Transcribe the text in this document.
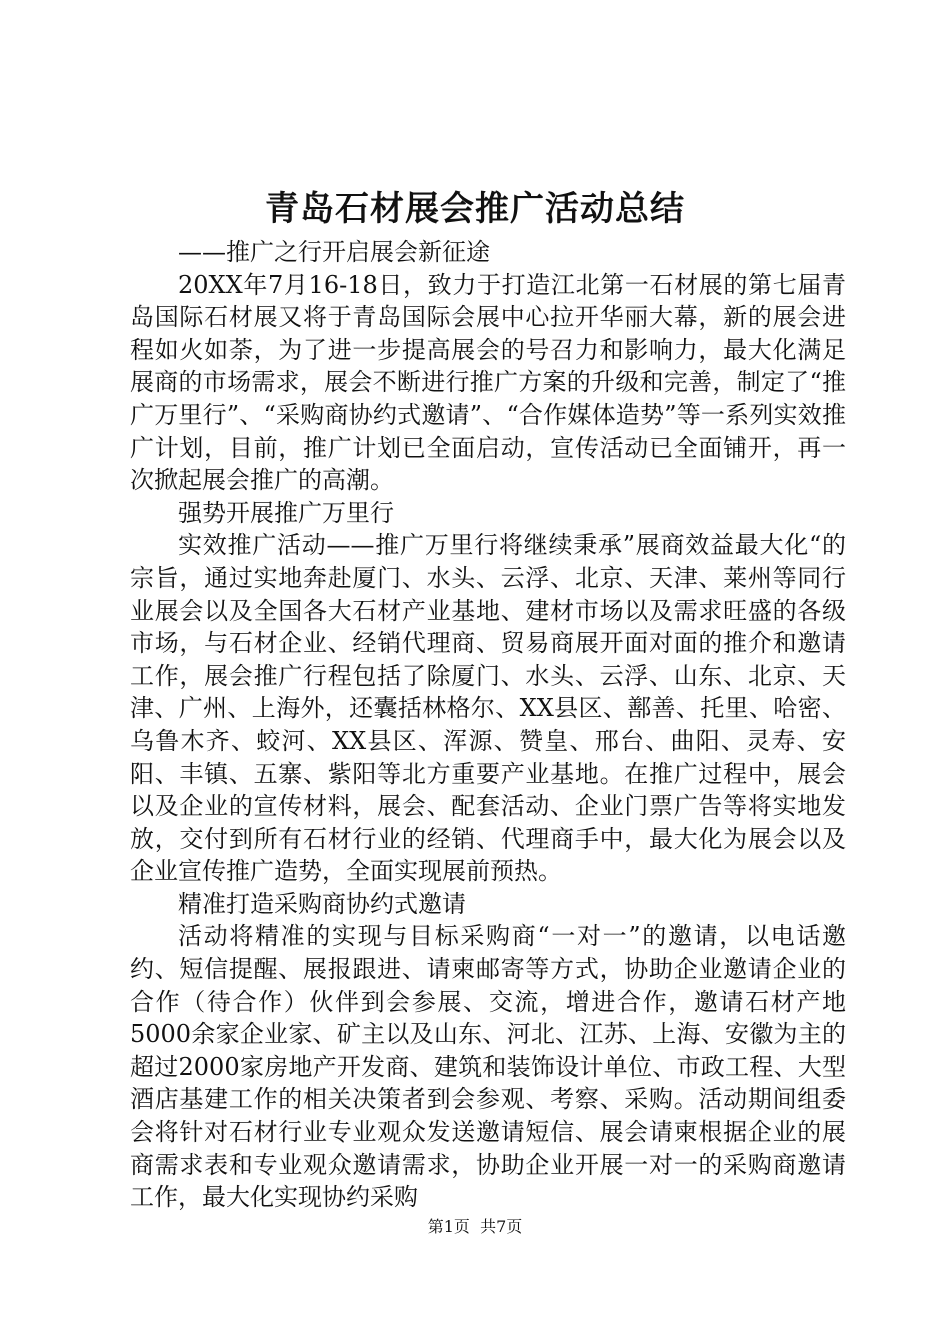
青岛石材展会推广活动总结

——推广之行开启展会新征途

20XX年7月16-18日，致力于打造江北第一石材展的第七届青岛国际石材展又将于青岛国际会展中心拉开华丽大幕，新的展会进程如火如荼，为了进一步提高展会的号召力和影响力，最大化满足展商的市场需求，展会不断进行推广方案的升级和完善，制定了“推广万里行”、“采购商协约式邀请”、“合作媒体造势”等一系列实效推广计划，目前，推广计划已全面启动，宣传活动已全面铺开，再一次掀起展会推广的高潮。

强势开展推广万里行

实效推广活动——推广万里行将继续秉承”展商效益最大化“的宗旨，通过实地奔赴厦门、水头、云浮、北京、天津、莱州等同行业展会以及全国各大石材产业基地、建材市场以及需求旺盛的各级市场，与石材企业、经销代理商、贸易商展开面对面的推介和邀请工作，展会推广行程包括了除厦门、水头、云浮、山东、北京、天津、广州、上海外，还囊括林格尔、XX县区、鄯善、托里、哈密、乌鲁木齐、蛟河、XX县区、浑源、赞皇、邢台、曲阳、灵寿、安阳、丰镇、五寨、紫阳等北方重要产业基地。在推广过程中，展会以及企业的宣传材料，展会、配套活动、企业门票广告等将实地发放，交付到所有石材行业的经销、代理商手中，最大化为展会以及企业宣传推广造势，全面实现展前预热。

精准打造采购商协约式邀请

活动将精准的实现与目标采购商“一对一”的邀请，以电话邀约、短信提醒、展报跟进、请柬邮寄等方式，协助企业邀请企业的合作（待合作）伙伴到会参展、交流，增进合作，邀请石材产地5000余家企业家、矿主以及山东、河北、江苏、上海、安徽为主的超过2000家房地产开发商、建筑和装饰设计单位、市政工程、大型酒店基建工作的相关决策者到会参观、考察、采购。活动期间组委会将针对石材行业专业观众发送邀请短信、展会请柬根据企业的展商需求表和专业观众邀请需求，协助企业开展一对一的采购商邀请工作，最大化实现协约采购

第1页  共7页
